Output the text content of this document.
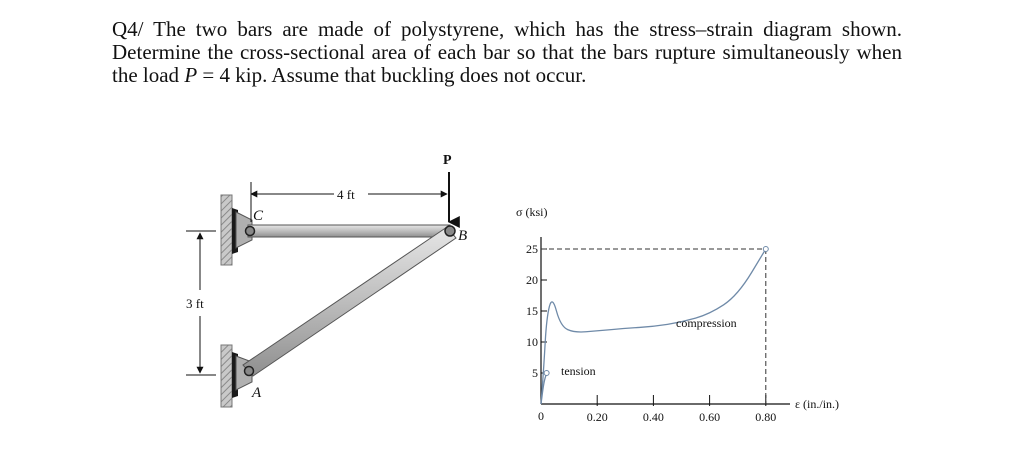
Q4/ The two bars are made of polystyrene, which has the stress–strain diagram shown. Determine the cross-sectional area of each bar so that the bars rupture simultaneously when the load P = 4 kip. Assume that buckling does not occur.
P
4 ft
3 ft
C
B
A
σ (ksi)
ε (in./in.)
0
25
20
15
10
5
0.20	0.40	0.60	0.80
compression
tension
